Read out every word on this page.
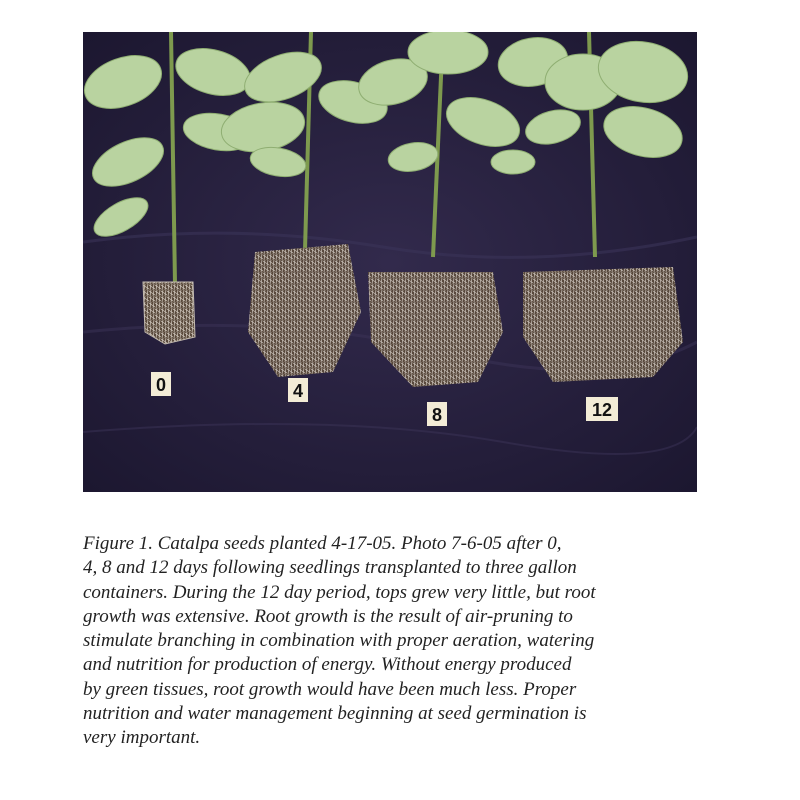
0	4
8	12
Figure 1. Catalpa seeds planted 4-17-05. Photo 7-6-05 after 0,
4, 8 and 12 days following seedlings transplanted to three gallon
containers. During the 12 day period, tops grew very little, but root
growth was extensive. Root growth is the result of air-pruning to
stimulate branching in combination with proper aeration, watering
and nutrition for production of energy. Without energy produced
by green tissues, root growth would have been much less. Proper
nutrition and water management beginning at seed germination is
very important.
